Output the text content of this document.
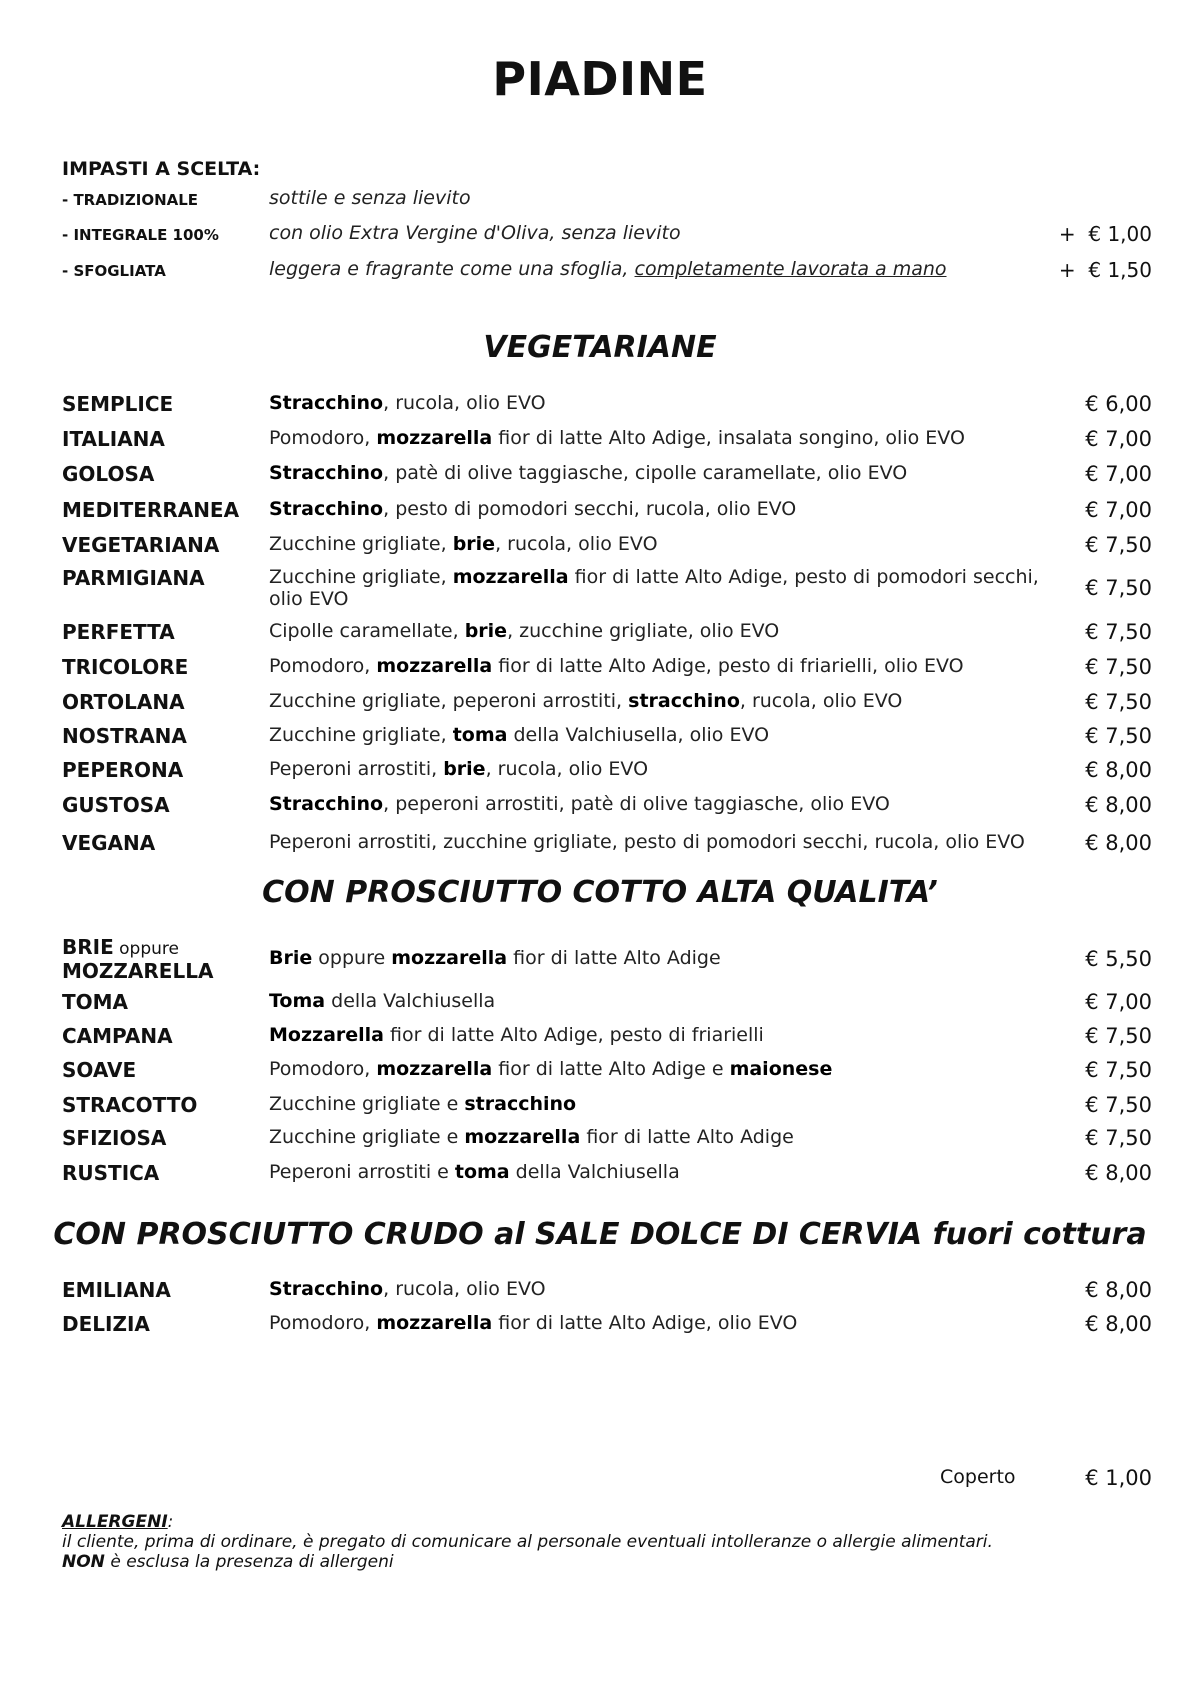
PIADINE
IMPASTI A SCELTA:
- TRADIZIONALE	sottile e senza lievito
- INTEGRALE 100%	con olio Extra Vergine d'Oliva, senza lievito	+  € 1,00
- SFOGLIATA	leggera e fragrante come una sfoglia, completamente lavorata a mano	+  € 1,50
VEGETARIANE
SEMPLICE	Stracchino, rucola, olio EVO	€ 6,00
ITALIANA	Pomodoro, mozzarella fior di latte Alto Adige, insalata songino, olio EVO	€ 7,00
GOLOSA	Stracchino, patè di olive taggiasche, cipolle caramellate, olio EVO	€ 7,00
MEDITERRANEA Stracchino, pesto di pomodori secchi, rucola, olio EVO	€ 7,00
VEGETARIANA	Zucchine grigliate, brie, rucola, olio EVO	€ 7,50
PARMIGIANA	Zucchine grigliate, mozzarella fior di latte Alto Adige, pesto di pomodori secchi, olio EVO	€ 7,50
PERFETTA	Cipolle caramellate, brie, zucchine grigliate, olio EVO	€ 7,50
TRICOLORE	Pomodoro, mozzarella fior di latte Alto Adige, pesto di friarielli, olio EVO	€ 7,50
ORTOLANA	Zucchine grigliate, peperoni arrostiti, stracchino, rucola, olio EVO	€ 7,50
NOSTRANA	Zucchine grigliate, toma della Valchiusella, olio EVO	€ 7,50
PEPERONA	Peperoni arrostiti, brie, rucola, olio EVO	€ 8,00
GUSTOSA	Stracchino, peperoni arrostiti, patè di olive taggiasche, olio EVO	€ 8,00
VEGANA	Peperoni arrostiti, zucchine grigliate, pesto di pomodori secchi, rucola, olio EVO	€ 8,00
CON PROSCIUTTO COTTO ALTA QUALITA’
BRIE oppure
MOZZARELLA
Brie oppure mozzarella fior di latte Alto Adige	€ 5,50
TOMA	Toma della Valchiusella	€ 7,00
CAMPANA	Mozzarella fior di latte Alto Adige, pesto di friarielli	€ 7,50
SOAVE	Pomodoro, mozzarella fior di latte Alto Adige e maionese	€ 7,50
STRACOTTO	Zucchine grigliate e stracchino	€ 7,50
SFIZIOSA	Zucchine grigliate e mozzarella fior di latte Alto Adige	€ 7,50
RUSTICA	Peperoni arrostiti e toma della Valchiusella	€ 8,00
CON PROSCIUTTO CRUDO al SALE DOLCE DI CERVIA fuori cottura
EMILIANA	Stracchino, rucola, olio EVO	€ 8,00
DELIZIA	Pomodoro, mozzarella fior di latte Alto Adige, olio EVO	€ 8,00
Coperto	€ 1,00
ALLERGENI:
il cliente, prima di ordinare, è pregato di comunicare al personale eventuali intolleranze o allergie alimentari.
NON è esclusa la presenza di allergeni
